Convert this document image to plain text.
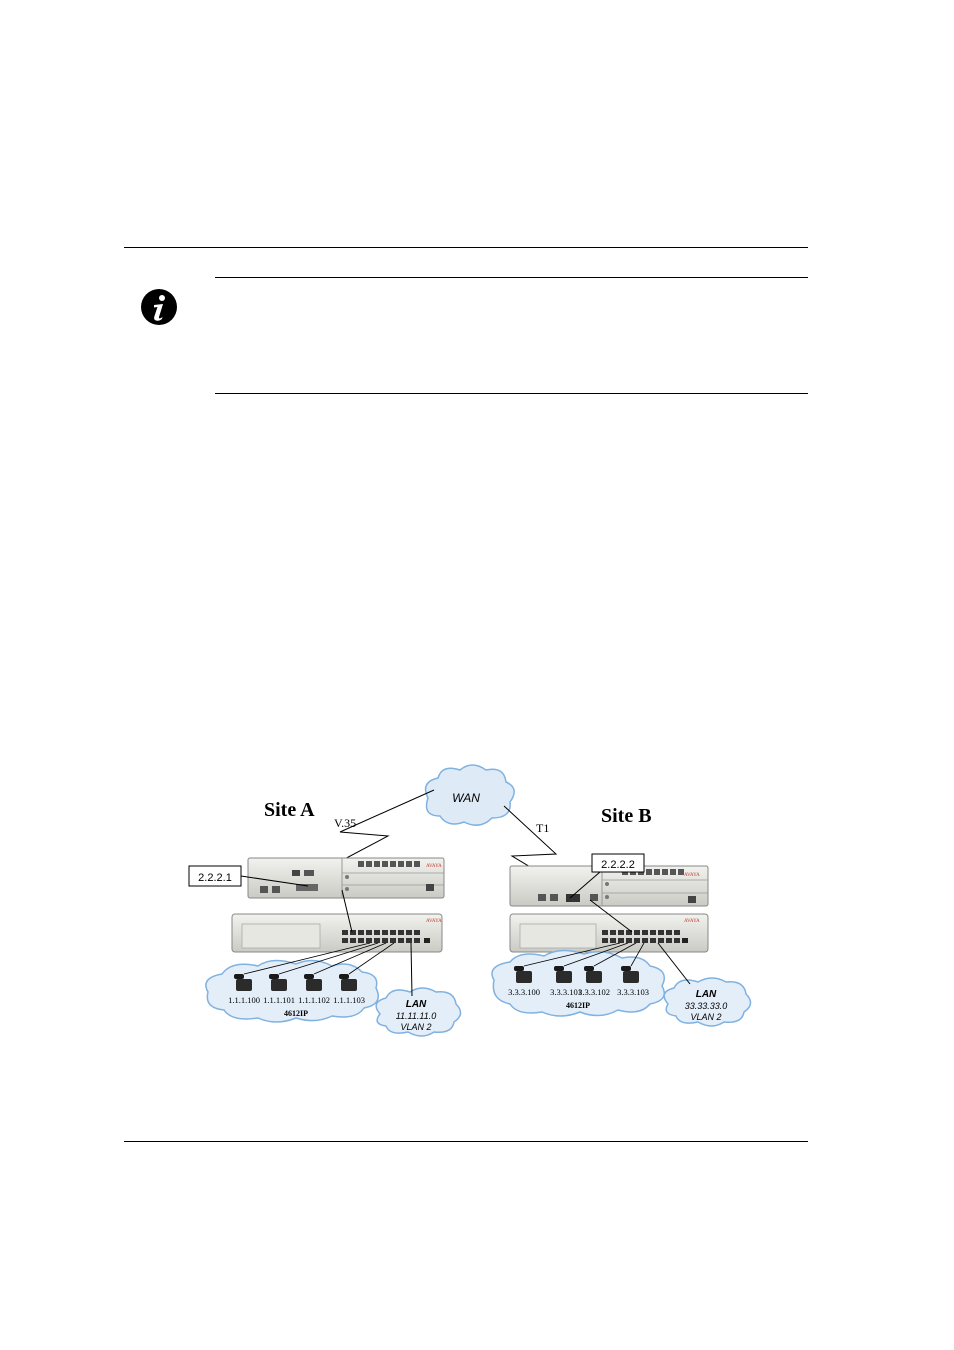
WAN
Site A	Site B
V.35	T1
AVAYA
2.2.2.1
AVAYA
1.1.1.100 1.1.1.101 1.1.1.102 1.1.1.103
4612IP
LAN
11.11.11.0
VLAN 2
AVAYA
2.2.2.2
AVAYA
3.3.3.100 3.3.3.101
3.3.3.102 3.3.3.103
4612IP
LAN
33.33.33.0
VLAN 2
